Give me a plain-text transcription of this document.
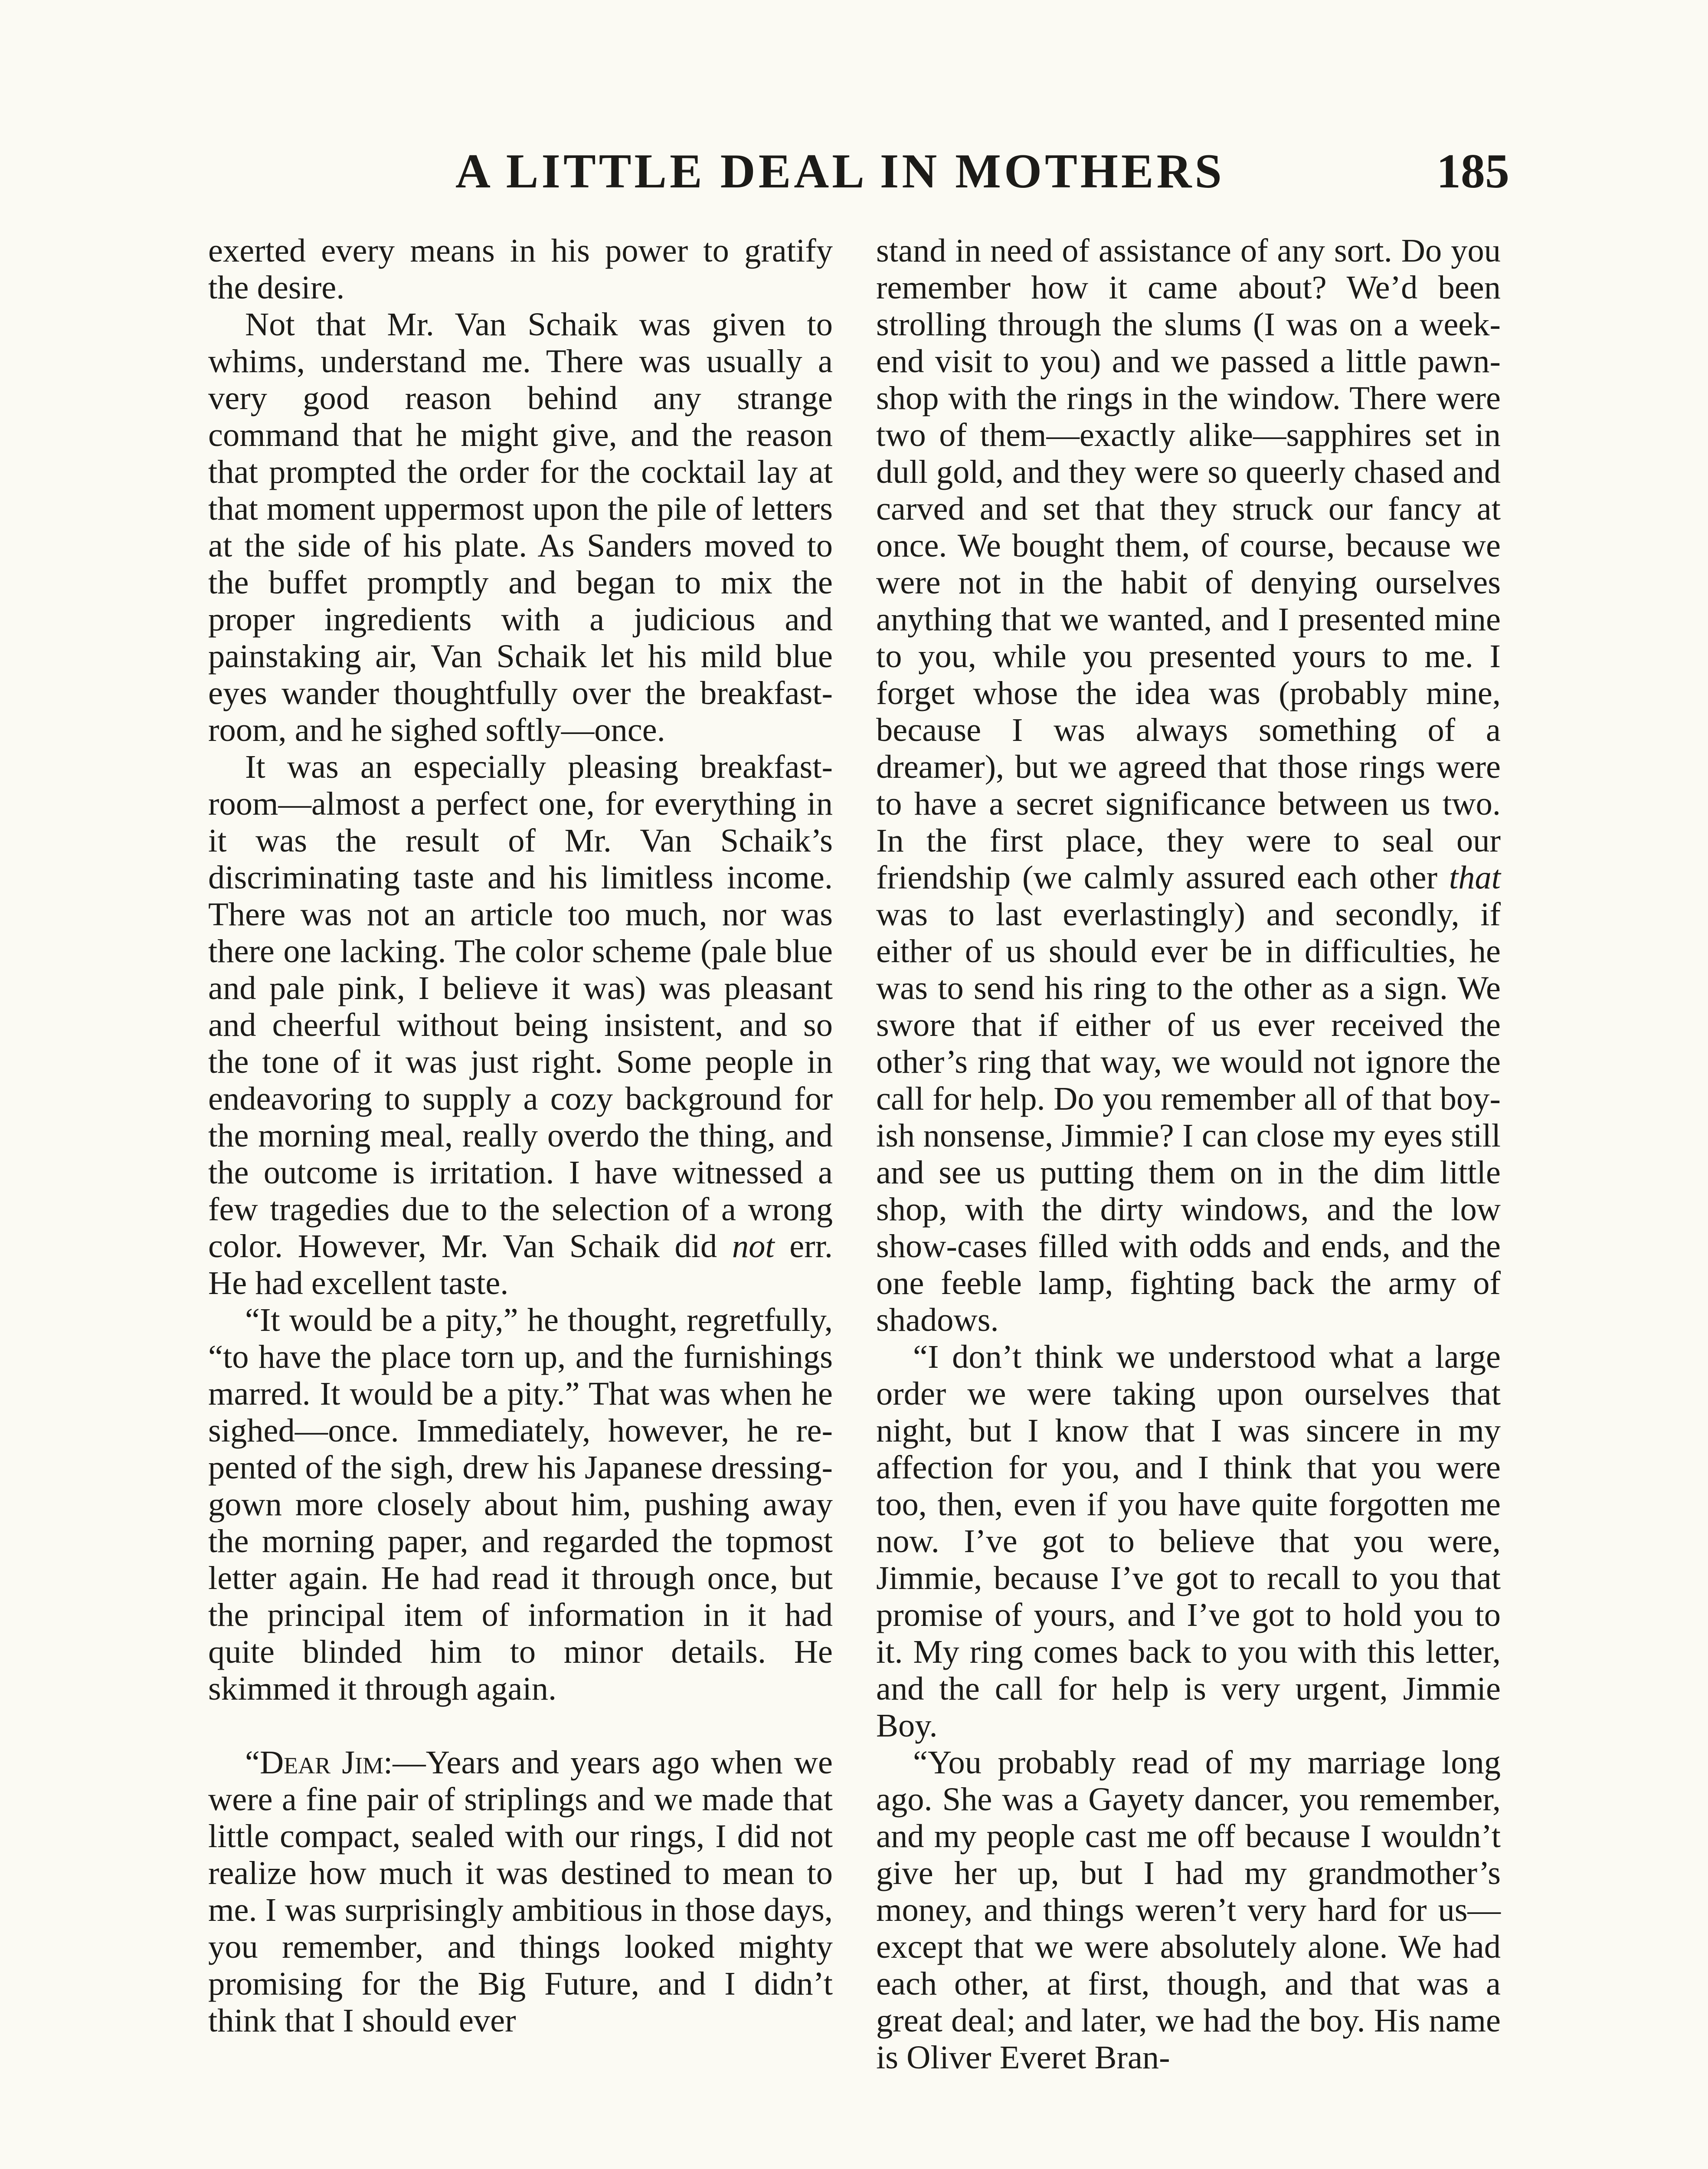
A LITTLE DEAL IN MOTHERS	185

exerted every means in his power to gratify the desire.

Not that Mr. Van Schaik was given to whims, understand me. There was usually a very good reason behind any strange command that he might give, and the reason that prompted the order for the cocktail lay at that moment uppermost upon the pile of letters at the side of his plate. As Sanders moved to the buffet promptly and began to mix the proper ingredients with a judicious and painstaking air, Van Schaik let his mild blue eyes wander thoughtfully over the breakfast-room, and he sighed softly—once.

It was an especially pleasing breakfast-room—almost a perfect one, for everything in it was the result of Mr. Van Schaik’s discriminating taste and his limitless income. There was not an article too much, nor was there one lacking. The color scheme (pale blue and pale pink, I believe it was) was pleasant and cheerful without being insistent, and so the tone of it was just right. Some people in endeavoring to supply a cozy background for the morning meal, really overdo the thing, and the outcome is irritation. I have witnessed a few tragedies due to the selection of a wrong color. However, Mr. Van Schaik did not err. He had excellent taste.

“It would be a pity,” he thought, regretfully, “to have the place torn up, and the furnishings marred. It would be a pity.” That was when he sighed—once. Immediately, however, he repented of the sigh, drew his Japanese dressing-gown more closely about him, pushing away the morning paper, and regarded the topmost letter again. He had read it through once, but the principal item of information in it had quite blinded him to minor details. He skimmed it through again.

“Dear Jim:—Years and years ago when we were a fine pair of striplings and we made that little compact, sealed with our rings, I did not realize how much it was destined to mean to me. I was surprisingly ambitious in those days, you remember, and things looked mighty promising for the Big Future, and I didn’t think that I should ever

stand in need of assistance of any sort. Do you remember how it came about? We’d been strolling through the slums (I was on a week-end visit to you) and we passed a little pawn-shop with the rings in the window. There were two of them—exactly alike—sapphires set in dull gold, and they were so queerly chased and carved and set that they struck our fancy at once. We bought them, of course, because we were not in the habit of denying ourselves anything that we wanted, and I presented mine to you, while you presented yours to me. I forget whose the idea was (probably mine, because I was always something of a dreamer), but we agreed that those rings were to have a secret significance between us two. In the first place, they were to seal our friendship (we calmly assured each other that was to last everlastingly) and secondly, if either of us should ever be in difficulties, he was to send his ring to the other as a sign. We swore that if either of us ever received the other’s ring that way, we would not ignore the call for help. Do you remember all of that boyish nonsense, Jimmie? I can close my eyes still and see us putting them on in the dim little shop, with the dirty windows, and the low show-cases filled with odds and ends, and the one feeble lamp, fighting back the army of shadows.

“I don’t think we understood what a large order we were taking upon ourselves that night, but I know that I was sincere in my affection for you, and I think that you were too, then, even if you have quite forgotten me now. I’ve got to believe that you were, Jimmie, because I’ve got to recall to you that promise of yours, and I’ve got to hold you to it. My ring comes back to you with this letter, and the call for help is very urgent, Jimmie Boy.

“You probably read of my marriage long ago. She was a Gayety dancer, you remember, and my people cast me off because I wouldn’t give her up, but I had my grandmother’s money, and things weren’t very hard for us—except that we were absolutely alone. We had each other, at first, though, and that was a great deal; and later, we had the boy. His name is Oliver Everet Bran-
